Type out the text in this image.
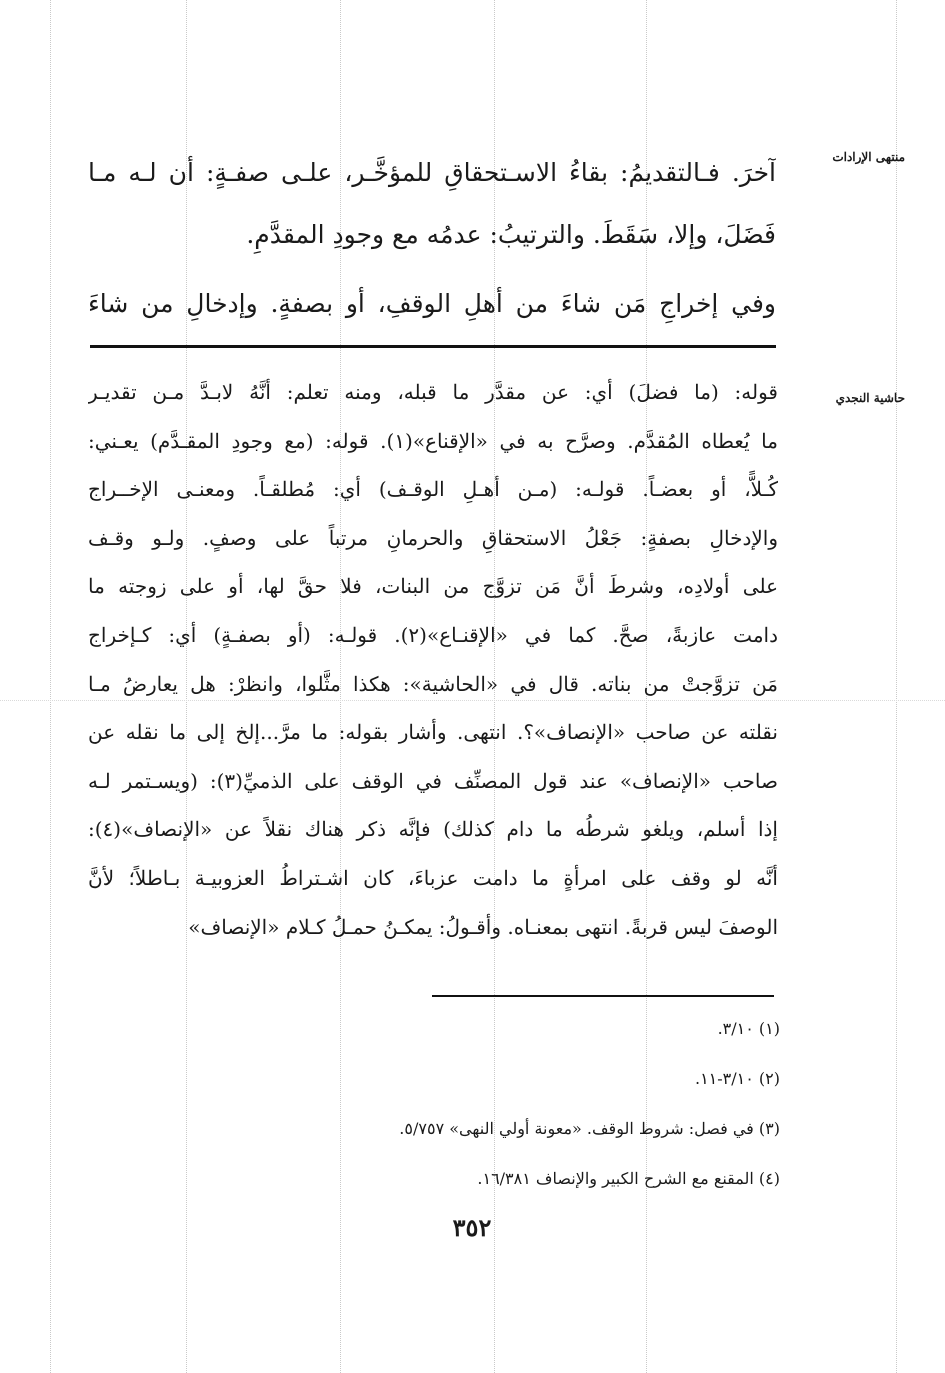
منتهى الإرادات
حاشية النجدي
آخرَ. فـالتقديمُ: بقاءُ الاسـتحقاقِ للمؤخَّـر، علـى صفـةٍ: أن لـه مـا
فَضَلَ، وإلا، سَقَطَ. والترتيبُ: عدمُه مع وجودِ المقدَّمِ.
وفي إخراجِ مَن شاءَ من أهلِ الوقفِ، أو بصفةٍ. وإدخالِ من شاءَ
قوله: (ما فضلَ) أي: عن مقدَّر ما قبله، ومنه تعلم: أنَّهُ لابـدَّ مـن تقديـر
ما يُعطاه المُقدَّم. وصرَّح به في «الإقناع»(١). قوله: (مع وجودِ المقـدَّم) يعـني:
كُـلاًّ، أو بعضـاً. قولـه: (مـن أهـلِ الوقـف) أي: مُطلقـاً. ومعنـى الإخــراج
والإدخالِ بصفةٍ: جَعْلُ الاستحقاقِ والحرمانِ مرتباً على وصفٍ. ولـو وقـف
على أولادِه، وشرطَ أنَّ مَن تزوَّج من البنات، فلا حقَّ لها، أو على زوجته ما
دامت عازبةً، صحَّ. كما في «الإقنـاع»(٢). قولـه: (أو بصفـةٍ) أي: كـإخراج
مَن تزوَّجتْ من بناته. قال في «الحاشية»: هكذا مثَّلوا، وانظرْ: هل يعارضُ مـا
نقلته عن صاحب «الإنصاف»؟. انتهى. وأشار بقوله: ما مرَّ...إلخ إلى ما نقله عن
صاحب «الإنصاف» عند قول المصنِّف في الوقف على الذميِّ(٣): (ويسـتمر لـه
إذا أسلم، ويلغو شرطُه ما دام كذلك) فإنَّه ذكر هناك نقلاً عن «الإنصاف»(٤):
أنَّه لو وقف على امرأةٍ ما دامت عزباءَ، كان اشـتراطُ العزوبيـة بـاطلاً؛ لأنَّ
الوصفَ ليس قربةً. انتهى بمعنـاه. وأقـولُ: يمكـنُ حمـلُ كـلام «الإنصاف»
(١) ٣/١٠.
(٢) ٣/١٠-١١.
(٣) في فصل: شروط الوقف. «معونة أولي النهى» ٥/٧٥٧.
(٤) المقنع مع الشرح الكبير والإنصاف ١٦/٣٨١.
٣٥٢
